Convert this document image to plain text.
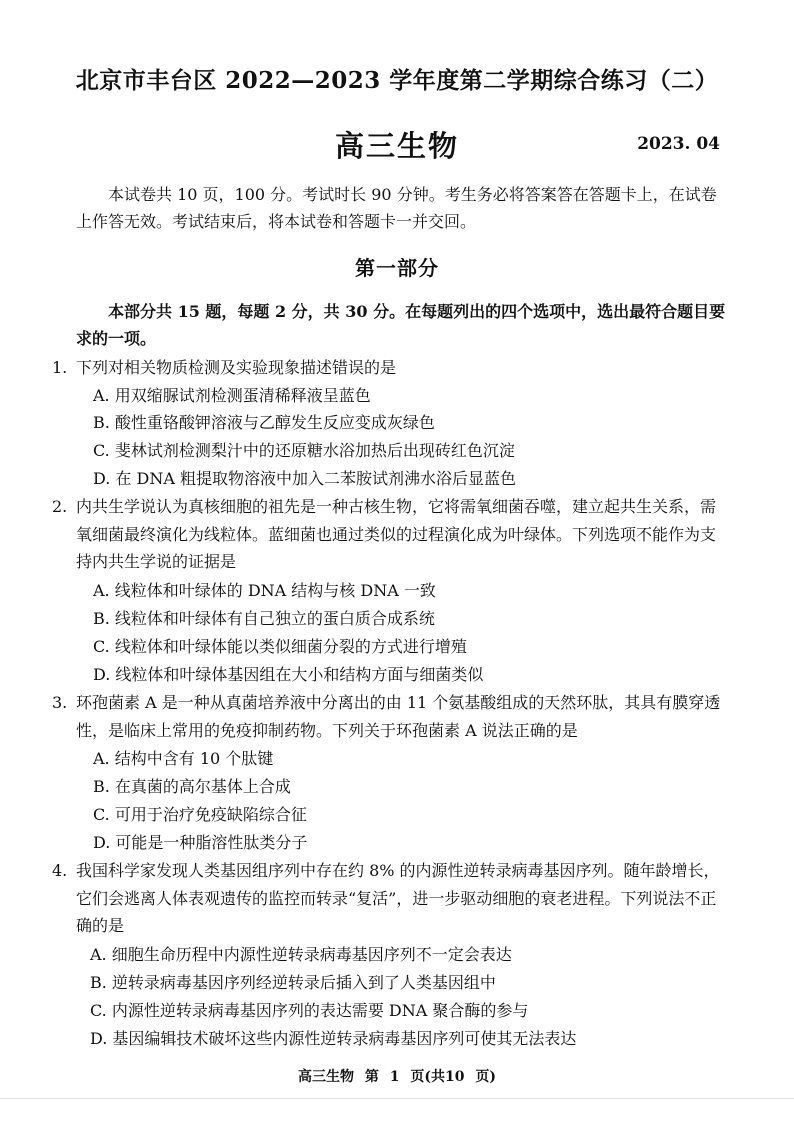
北京市丰台区 2022—2023 学年度第二学期综合练习（二）
高三生物	2023. 04
本试卷共 10 页，100 分。考试时长 90 分钟。考生务必将答案答在答题卡上，在试卷上作答无效。考试结束后，将本试卷和答题卡一并交回。
第一部分
本部分共 15 题，每题 2 分，共 30 分。在每题列出的四个选项中，选出最符合题目要求的一项。
1. 下列对相关物质检测及实验现象描述错误的是
A. 用双缩脲试剂检测蛋清稀释液呈蓝色
B. 酸性重铬酸钾溶液与乙醇发生反应变成灰绿色
C. 斐林试剂检测梨汁中的还原糖水浴加热后出现砖红色沉淀
D. 在 DNA 粗提取物溶液中加入二苯胺试剂沸水浴后显蓝色
2. 内共生学说认为真核细胞的祖先是一种古核生物，它将需氧细菌吞噬，建立起共生关系，需氧细菌最终演化为线粒体。蓝细菌也通过类似的过程演化成为叶绿体。下列选项不能作为支持内共生学说的证据是
A. 线粒体和叶绿体的 DNA 结构与核 DNA 一致
B. 线粒体和叶绿体有自己独立的蛋白质合成系统
C. 线粒体和叶绿体能以类似细菌分裂的方式进行增殖
D. 线粒体和叶绿体基因组在大小和结构方面与细菌类似
3. 环孢菌素 A 是一种从真菌培养液中分离出的由 11 个氨基酸组成的天然环肽，其具有膜穿透性，是临床上常用的免疫抑制药物。下列关于环孢菌素 A 说法正确的是
A. 结构中含有 10 个肽键
B. 在真菌的高尔基体上合成
C. 可用于治疗免疫缺陷综合征
D. 可能是一种脂溶性肽类分子
4. 我国科学家发现人类基因组序列中存在约 8% 的内源性逆转录病毒基因序列。随年龄增长，它们会逃离人体表观遗传的监控而转录“复活”，进一步驱动细胞的衰老进程。下列说法不正确的是
A. 细胞生命历程中内源性逆转录病毒基因序列不一定会表达
B. 逆转录病毒基因序列经逆转录后插入到了人类基因组中
C. 内源性逆转录病毒基因序列的表达需要 DNA 聚合酶的参与
D. 基因编辑技术破坏这些内源性逆转录病毒基因序列可使其无法表达
高三生物 第 1 页(共10 页)
